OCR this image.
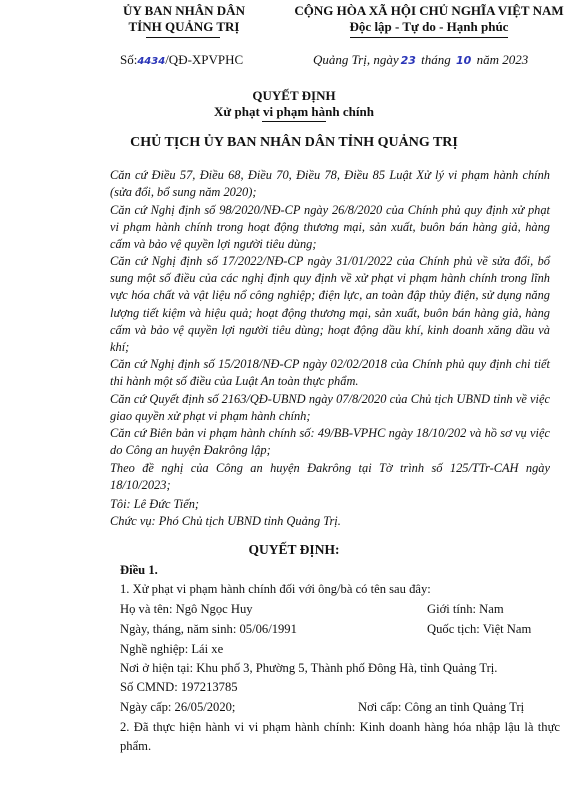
ỦY BAN NHÂN DÂN
TỈNH QUẢNG TRỊ
CỘNG HÒA XÃ HỘI CHỦ NGHĨA VIỆT NAM
Độc lập - Tự do - Hạnh phúc
Số:4434/QĐ-XPVPHC	Quảng Trị, ngày 23 tháng 10 năm 2023
QUYẾT ĐỊNH
Xử phạt vi phạm hành chính
CHỦ TỊCH ỦY BAN NHÂN DÂN TỈNH QUẢNG TRỊ
Căn cứ Điều 57, Điều 68, Điều 70, Điều 78, Điều 85 Luật Xử lý vi phạm hành chính (sửa đổi, bổ sung năm 2020);
Căn cứ Nghị định số 98/2020/NĐ-CP ngày 26/8/2020 của Chính phủ quy định xử phạt vi phạm hành chính trong hoạt động thương mại, sản xuất, buôn bán hàng giả, hàng cấm và bảo vệ quyền lợi người tiêu dùng;
Căn cứ Nghị định số 17/2022/NĐ-CP ngày 31/01/2022 của Chính phủ về sửa đổi, bổ sung một số điều của các nghị định quy định về xử phạt vi phạm hành chính trong lĩnh vực hóa chất và vật liệu nổ công nghiệp; điện lực, an toàn đập thủy điện, sử dụng năng lượng tiết kiệm và hiệu quả; hoạt động thương mại, sản xuất, buôn bán hàng giả, hàng cấm và bảo vệ quyền lợi người tiêu dùng; hoạt động dầu khí, kinh doanh xăng dầu và khí;
Căn cứ Nghị định số 15/2018/NĐ-CP ngày 02/02/2018 của Chính phủ quy định chi tiết thi hành một số điều của Luật An toàn thực phẩm.
Căn cứ Quyết định số 2163/QĐ-UBND ngày 07/8/2020 của Chủ tịch UBND tỉnh về việc giao quyền xử phạt vi phạm hành chính;
Căn cứ Biên bản vi phạm hành chính số: 49/BB-VPHC ngày 18/10/202 và hồ sơ vụ việc do Công an huyện Đakrông lập;
Theo đề nghị của Công an huyện Đakrông tại Tờ trình số 125/TTr-CAH ngày 18/10/2023;
Tôi: Lê Đức Tiến;
Chức vụ: Phó Chủ tịch UBND tỉnh Quảng Trị.
QUYẾT ĐỊNH:
Điều 1.
1. Xử phạt vi phạm hành chính đối với ông/bà có tên sau đây:
Họ và tên: Ngô Ngọc Huy	Giới tính: Nam
Ngày, tháng, năm sinh: 05/06/1991	Quốc tịch: Việt Nam
Nghề nghiệp: Lái xe
Nơi ở hiện tại: Khu phố 3, Phường 5, Thành phố Đông Hà, tỉnh Quảng Trị.
Số CMND: 197213785
Ngày cấp: 26/05/2020;	Nơi cấp: Công an tỉnh Quảng Trị
2. Đã thực hiện hành vi vi phạm hành chính: Kinh doanh hàng hóa nhập lậu là thực phẩm.
